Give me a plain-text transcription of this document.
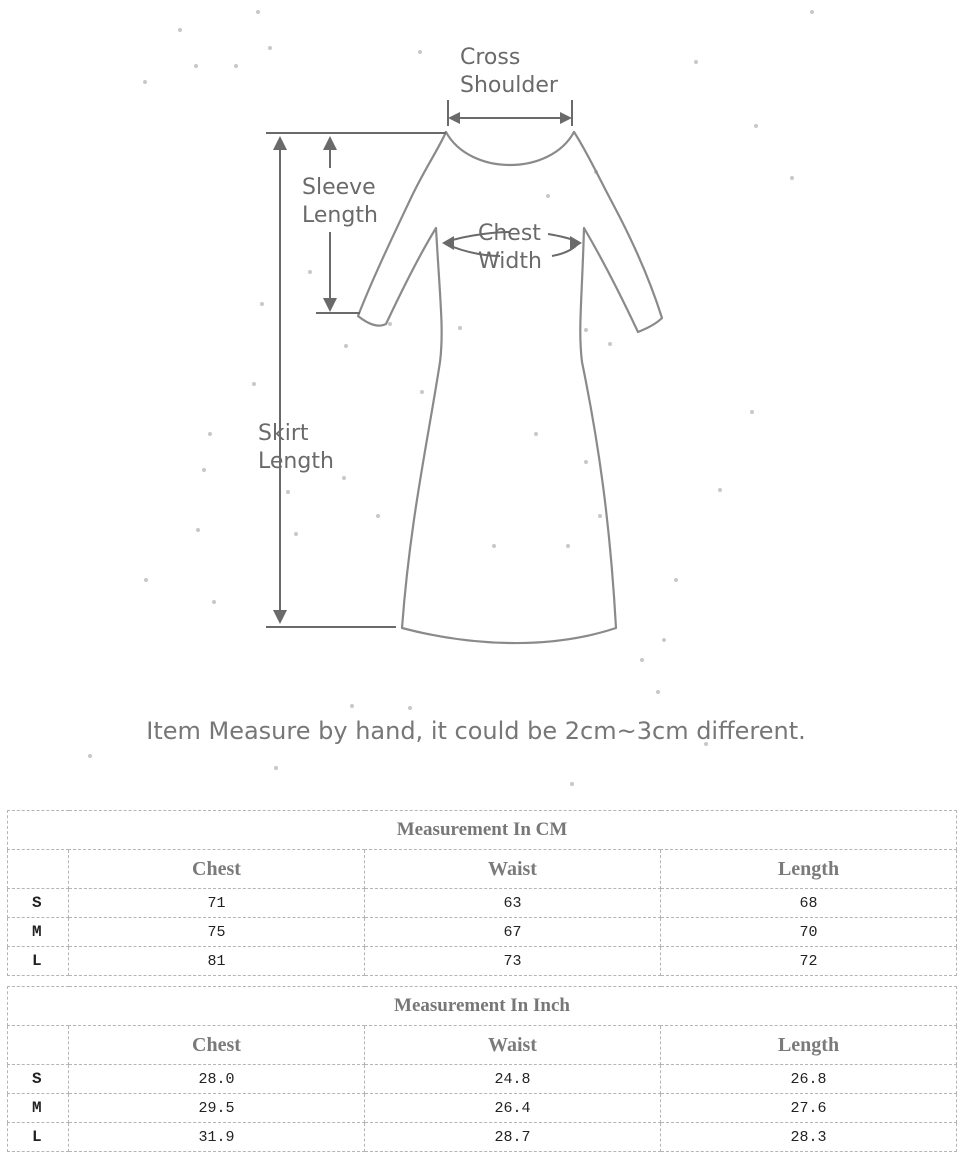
Cross
Shoulder
Skirt
Length
Sleeve
Length
Chest
Width
Item Measure by hand, it could be 2cm~3cm different.
Measurement In CM			
	Chest	Waist	Length
S	71	63	68
M	75	67	70
L	81	73	72
Measurement In Inch			
	Chest	Waist	Length
S	28.0	24.8	26.8
M	29.5	26.4	27.6
L	31.9	28.7	28.3
